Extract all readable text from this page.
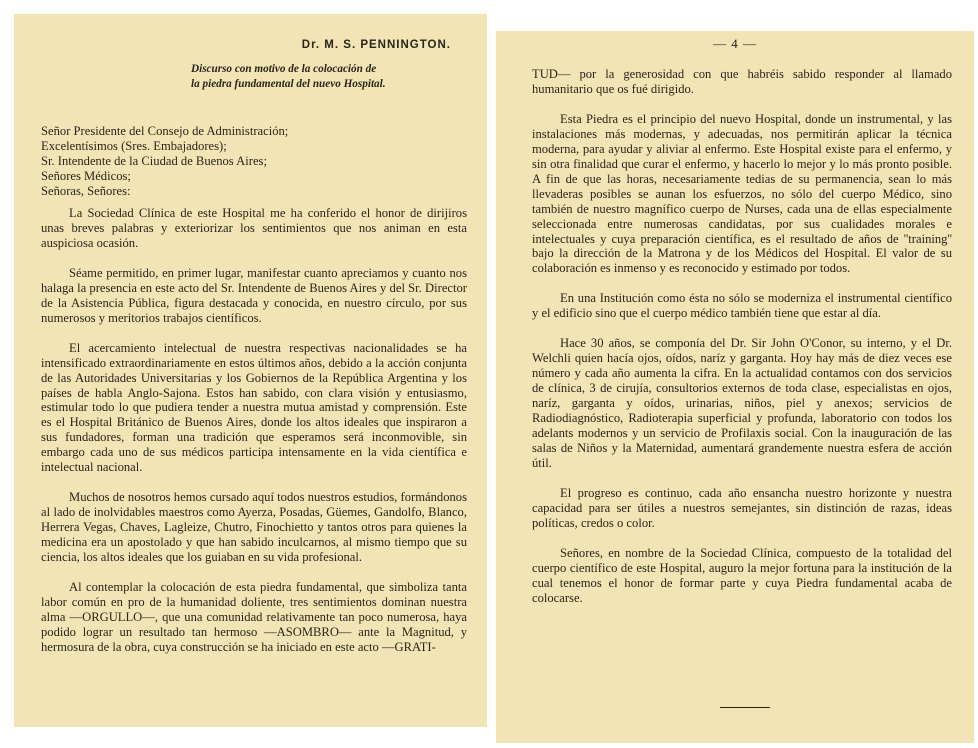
Dr. M. S. PENNINGTON.
Discurso con motivo de la colocación de
la piedra fundamental del nuevo Hospital.
Señor Presidente del Consejo de Administración;
Excelentísimos (Sres. Embajadores);
Sr. Intendente de la Ciudad de Buenos Aires;
Señores Médicos;
Señoras, Señores:

La Sociedad Clínica de este Hospital me ha conferido el honor de dirijiros unas breves palabras y exteriorizar los sentimientos que nos animan en esta auspiciosa ocasión.

Séame permitido, en primer lugar, manifestar cuanto apreciamos y cuanto nos halaga la presencia en este acto del Sr. Intendente de Buenos Aires y del Sr. Director de la Asistencia Pública, figura destacada y conocida, en nuestro círculo, por sus numerosos y meritorios trabajos científicos.

El acercamiento intelectual de nuestra respectivas nacionalidades se ha intensificado extraordinariamente en estos últimos años, debido a la acción conjunta de las Autoridades Universitarias y los Gobiernos de la República Argentina y los países de habla Anglo-Sajona. Estos han sabido, con clara visión y entusiasmo, estimular todo lo que pudiera tender a nuestra mutua amistad y comprensión. Este es el Hospital Británico de Buenos Aires, donde los altos ideales que inspiraron a sus fundadores, forman una tradición que esperamos será inconmovible, sin embargo cada uno de sus médicos participa intensamente en la vida científica e intelectual nacional.

Muchos de nosotros hemos cursado aquí todos nuestros estudios, formándonos al lado de inolvidables maestros como Ayerza, Posadas, Güemes, Gandolfo, Blanco, Herrera Vegas, Chaves, Lagleize, Chutro, Finochietto y tantos otros para quienes la medicina era un apostolado y que han sabido inculcarnos, al mismo tiempo que su ciencia, los altos ideales que los guiaban en su vida profesional.

Al contemplar la colocación de esta piedra fundamental, que simboliza tanta labor común en pro de la humanidad doliente, tres sentimientos dominan nuestra alma —ORGULLO—, que una comunidad relativamente tan poco numerosa, haya podido lograr un resultado tan hermoso —ASOMBRO— ante la Magnitud, y hermosura de la obra, cuya construcción se ha iniciado en este acto —GRATI-

— 4 —

TUD— por la generosidad con que habréis sabido responder al llamado humanitario que os fué dirigido.

Esta Piedra es el principio del nuevo Hospital, donde un instrumental, y las instalaciones más modernas, y adecuadas, nos permitirán aplicar la técnica moderna, para ayudar y aliviar al enfermo. Este Hospital existe para el enfermo, y sin otra finalidad que curar el enfermo, y hacerlo lo mejor y lo más pronto posible. A fin de que las horas, necesariamente tedias de su permanencia, sean lo más llevaderas posibles se aunan los esfuerzos, no sólo del cuerpo Médico, sino también de nuestro magnífico cuerpo de Nurses, cada una de ellas especialmente seleccionada entre numerosas candidatas, por sus cualidades morales e intelectuales y cuya preparación científica, es el resultado de años de ''training'' bajo la dirección de la Matrona y de los Médicos del Hospital. El valor de su colaboración es inmenso y es reconocido y estimado por todos.

En una Institución como ésta no sólo se moderniza el instrumental científico y el edificio sino que el cuerpo médico también tiene que estar al día.

Hace 30 años, se componía del Dr. Sir John O'Conor, su interno, y el Dr. Welchli quien hacía ojos, oídos, naríz y garganta. Hoy hay más de diez veces ese número y cada año aumenta la cifra. En la actualidad contamos con dos servicios de clínica, 3 de cirujía, consultorios externos de toda clase, especialistas en ojos, naríz, garganta y oídos, urinarias, niños, piel y anexos; servicios de Radiodiagnóstico, Radioterapia superficial y profunda, laboratorio con todos los adelants modernos y un servicio de Profilaxis social. Con la inauguración de las salas de Niños y la Maternidad, aumentará grandemente nuestra esfera de acción útil.

El progreso es continuo, cada año ensancha nuestro horizonte y nuestra capacidad para ser útiles a nuestros semejantes, sin distinción de razas, ideas políticas, credos o color.

Señores, en nombre de la Sociedad Clínica, compuesto de la totalidad del cuerpo científico de este Hospital, auguro la mejor fortuna para la institución de la cual tenemos el honor de formar parte y cuya Piedra fundamental acaba de colocarse.
